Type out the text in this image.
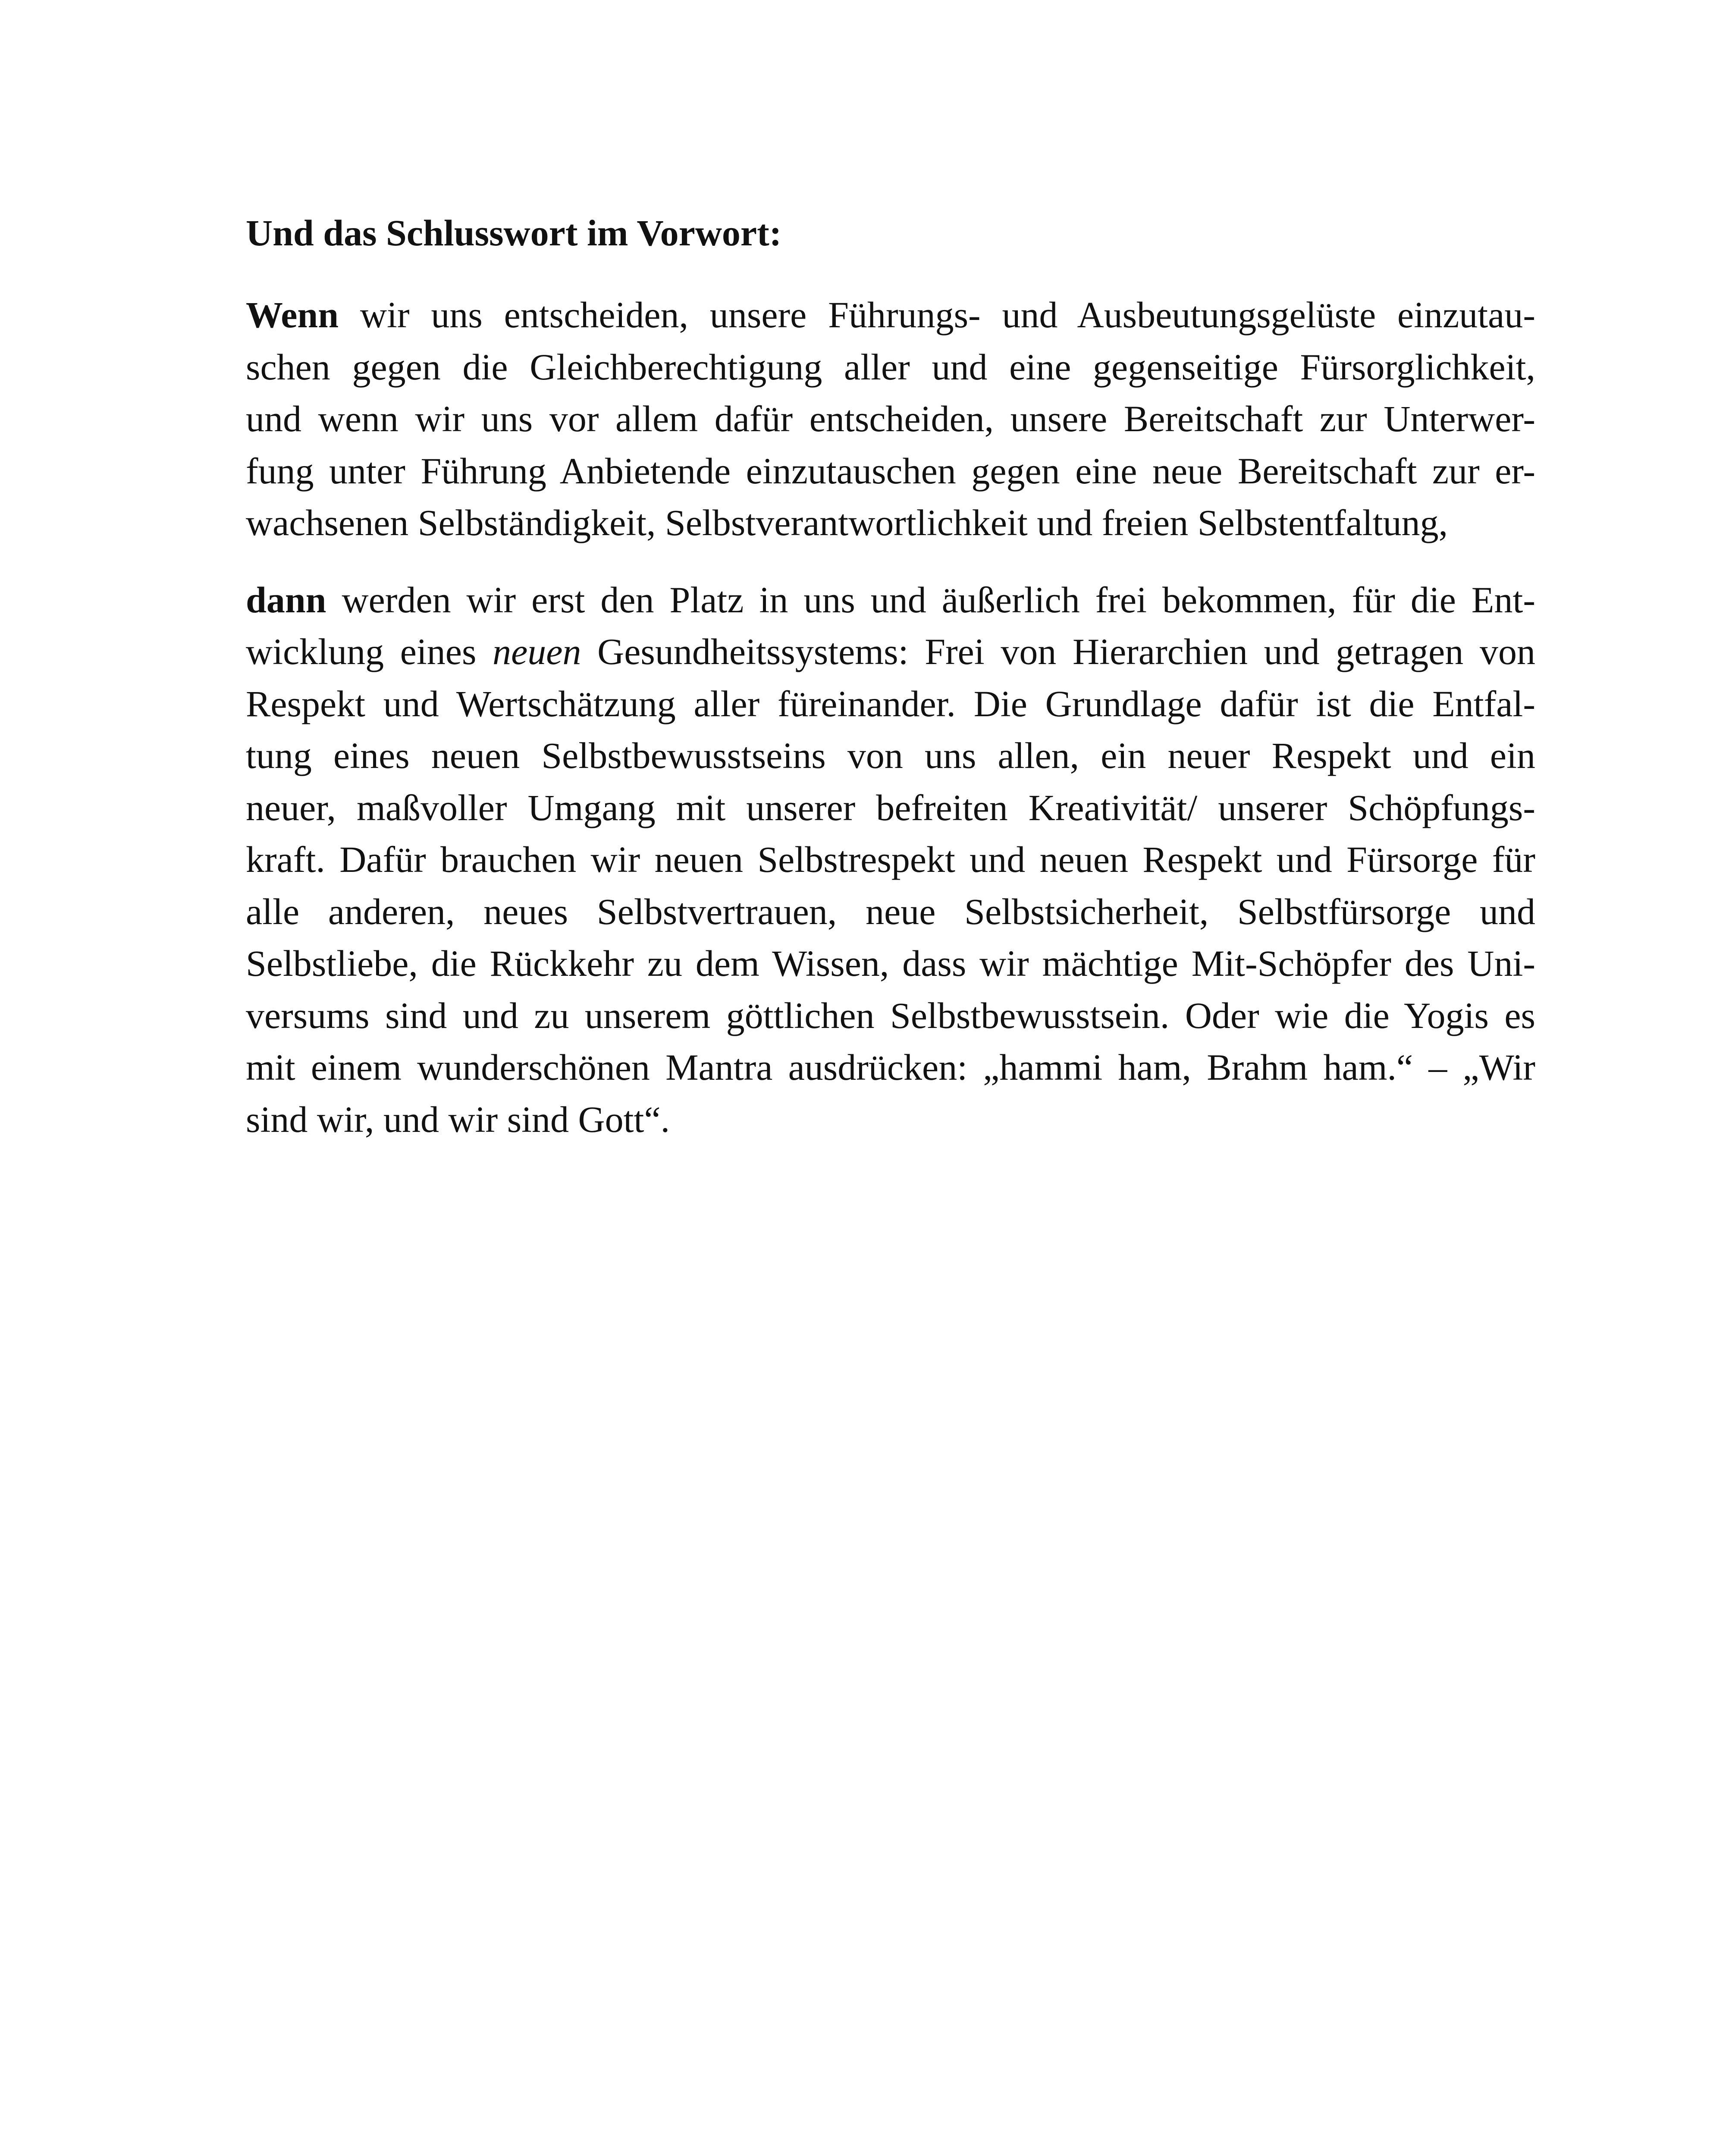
Und das Schlusswort im Vorwort:
Wenn wir uns entscheiden, unsere Führungs- und Ausbeutungsgelüste einzutau-
schen gegen die Gleichberechtigung aller und eine gegenseitige Fürsorglichkeit,
und wenn wir uns vor allem dafür entscheiden, unsere Bereitschaft zur Unterwer-
fung unter Führung Anbietende einzutauschen gegen eine neue Bereitschaft zur er-
wachsenen Selbständigkeit, Selbstverantwortlichkeit und freien Selbstentfaltung,
dann werden wir erst den Platz in uns und äußerlich frei bekommen, für die Ent-
wicklung eines neuen Gesundheitssystems: Frei von Hierarchien und getragen von
Respekt und Wertschätzung aller füreinander. Die Grundlage dafür ist die Entfal-
tung eines neuen Selbstbewusstseins von uns allen, ein neuer Respekt und ein
neuer, maßvoller Umgang mit unserer befreiten Kreativität/ unserer Schöpfungs-
kraft. Dafür brauchen wir neuen Selbstrespekt und neuen Respekt und Fürsorge für
alle anderen, neues Selbstvertrauen, neue Selbstsicherheit, Selbstfürsorge und
Selbstliebe, die Rückkehr zu dem Wissen, dass wir mächtige Mit-Schöpfer des Uni-
versums sind und zu unserem göttlichen Selbstbewusstsein. Oder wie die Yogis es
mit einem wunderschönen Mantra ausdrücken: „hammi ham, Brahm ham.“ – „Wir
sind wir, und wir sind Gott“.
